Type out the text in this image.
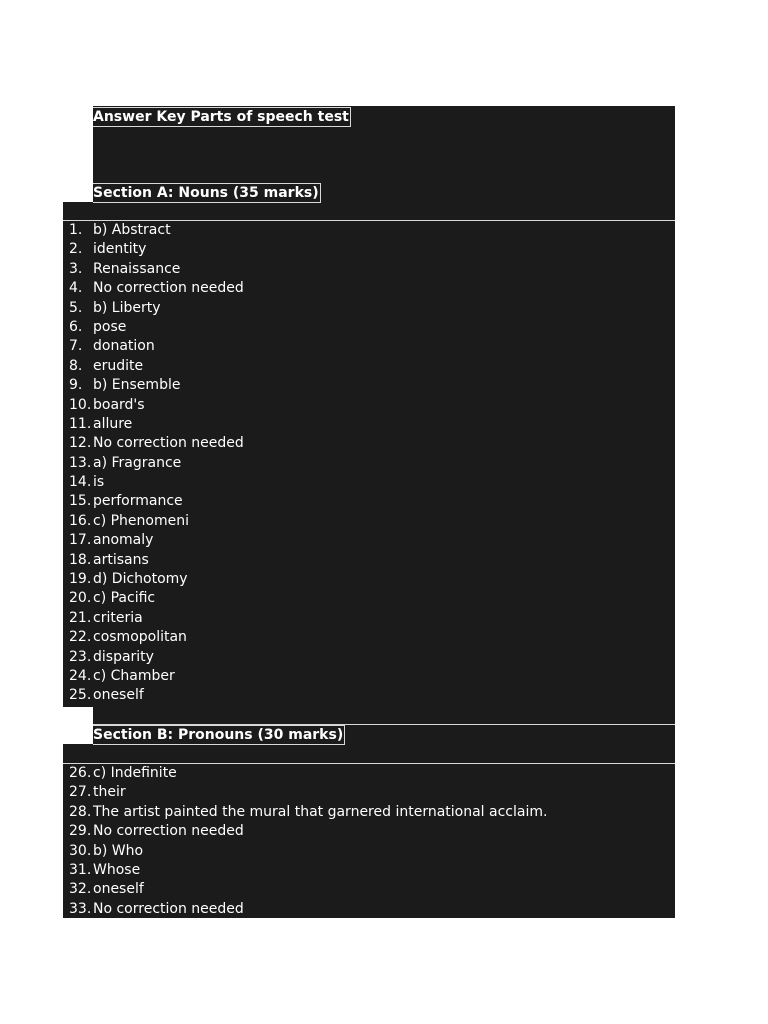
Answer Key Parts of speech test
Section A: Nouns (35 marks)
Section B: Pronouns (30 marks)
1. b) Abstract
2. identity
3. Renaissance
4. No correction needed
5. b) Liberty
6. pose
7. donation
8. erudite
9. b) Ensemble
10. board's
11. allure
12. No correction needed
13. a) Fragrance
14. is
15. performance
16. c) Phenomeni
17. anomaly
18. artisans
19. d) Dichotomy
20. c) Pacific
21. criteria
22. cosmopolitan
23. disparity
24. c) Chamber
25. oneself
26. c) Indefinite
27. their
28. The artist painted the mural that garnered international acclaim.
29. No correction needed
30. b) Who
31. Whose
32. oneself
33. No correction needed
